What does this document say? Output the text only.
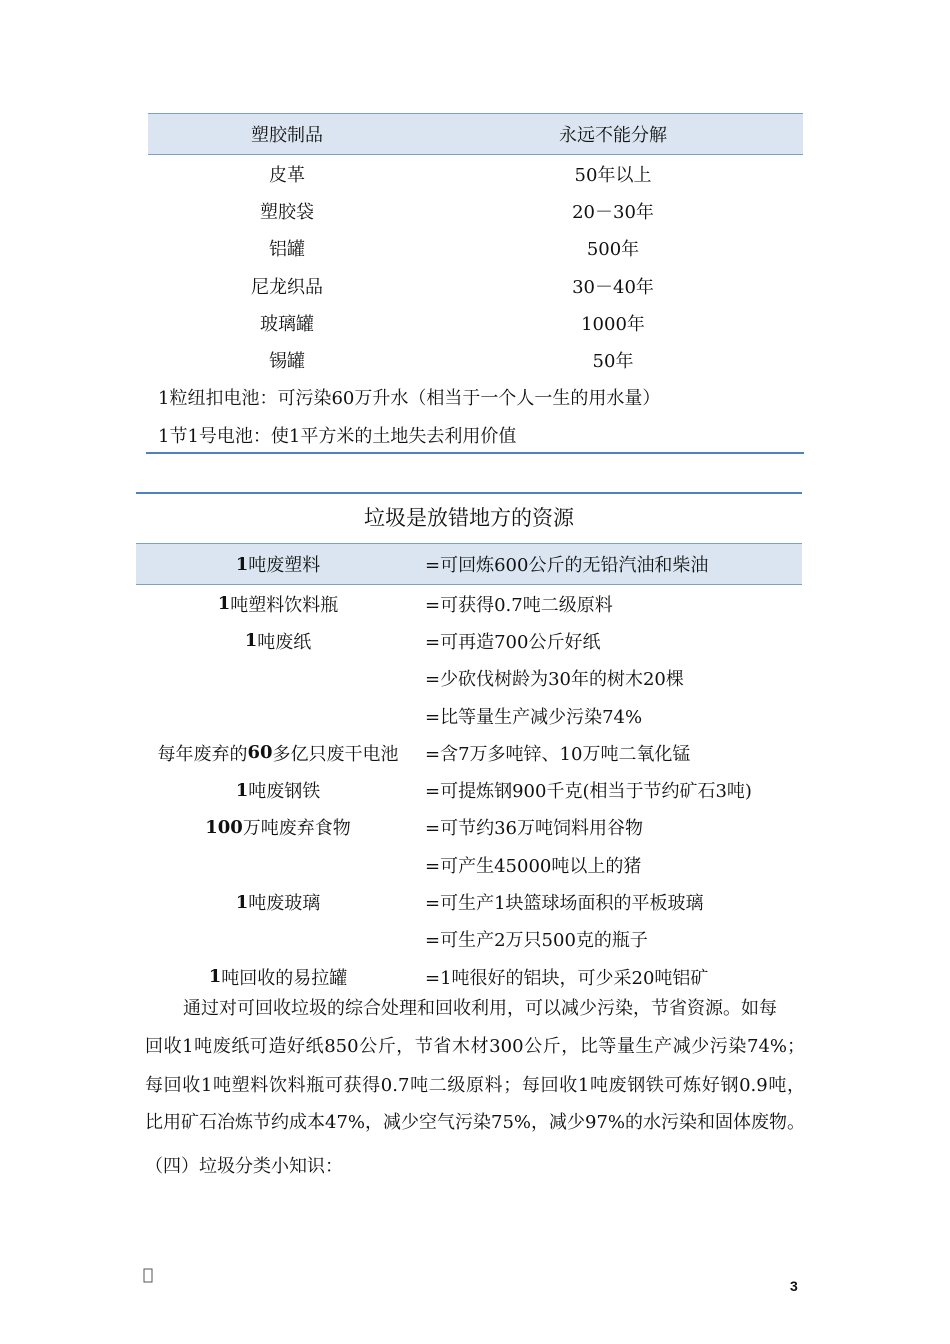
塑胶制品	永远不能分解
皮革	50年以上
塑胶袋	20－30年
铝罐	500年
尼龙织品	30－40年
玻璃罐	1000年
锡罐	50年
1粒纽扣电池：可污染60万升水（相当于一个人一生的用水量）
1节1号电池：使1平方米的土地失去利用价值
垃圾是放错地方的资源
1 吨废塑料	=可回炼600公斤的无铅汽油和柴油
1 吨塑料饮料瓶	=可获得0.7吨二级原料
1 吨废纸	=可再造700公斤好纸
=少砍伐树龄为30年的树木20棵
=比等量生产减少污染74%
每年废弃的 60 多亿只废干电池 =含7万多吨锌、10万吨二氧化锰
1 吨废钢铁	=可提炼钢900千克(相当于节约矿石3吨)
100 万吨废弃食物	=可节约36万吨饲料用谷物
=可产生45000吨以上的猪
1 吨废玻璃	=可生产1块篮球场面积的平板玻璃
=可生产2万只500克的瓶子
1 吨回收的易拉罐	=1吨很好的铝块，可少采20吨铝矿
通过对可回收垃圾的综合处理和回收利用，可以减少污染，节省资源。如每
回收1吨废纸可造好纸850公斤，节省木材300公斤，比等量生产减少污染74%；
每回收1吨塑料饮料瓶可获得0.7吨二级原料；每回收1吨废钢铁可炼好钢0.9吨，
比用矿石冶炼节约成本47%，减少空气污染75%，减少97%的水污染和固体废物。
（四）垃圾分类小知识：
3
